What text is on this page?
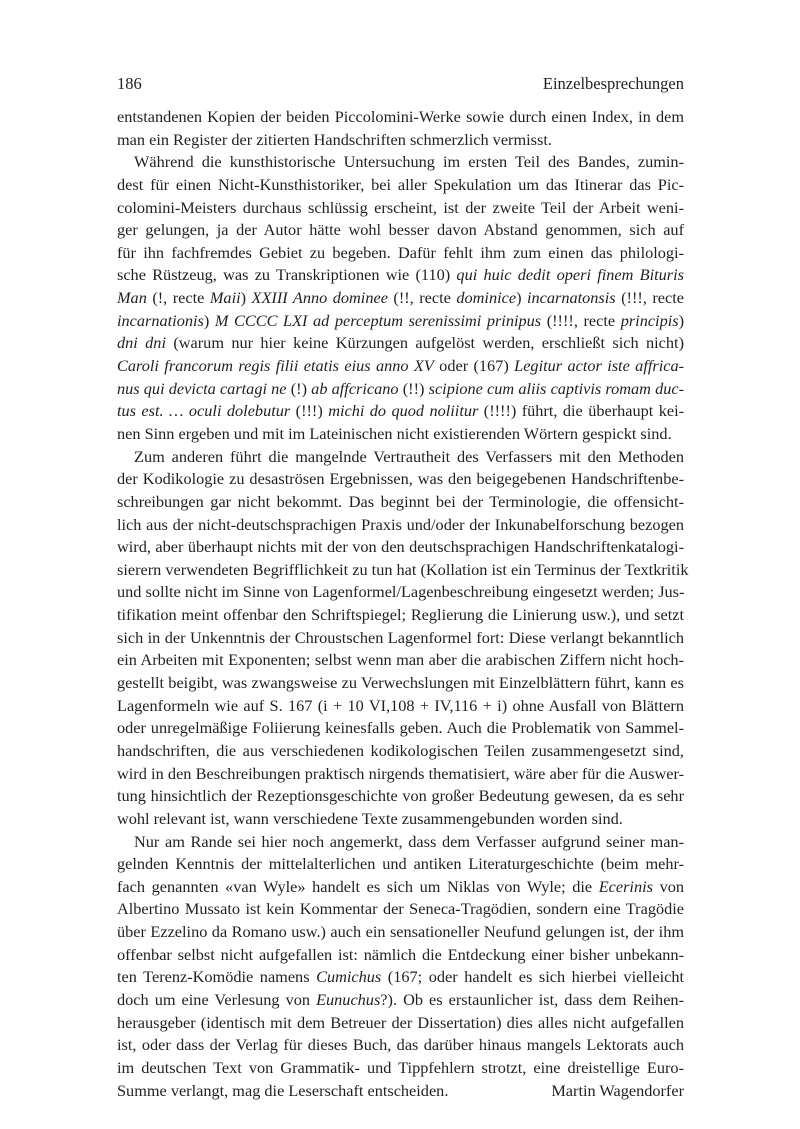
186	Einzelbesprechungen
entstandenen Kopien der beiden Piccolomini-Werke sowie durch einen Index, in dem
man ein Register der zitierten Handschriften schmerzlich vermisst.
Während die kunsthistorische Untersuchung im ersten Teil des Bandes, zumin-
dest für einen Nicht-Kunsthistoriker, bei aller Spekulation um das Itinerar das Pic-
colomini-Meisters durchaus schlüssig erscheint, ist der zweite Teil der Arbeit weni-
ger gelungen, ja der Autor hätte wohl besser davon Abstand genommen, sich auf
für ihn fachfremdes Gebiet zu begeben. Dafür fehlt ihm zum einen das philologi-
sche Rüstzeug, was zu Transkriptionen wie (110) qui huic dedit operi finem Bituris
Man (!, recte Maii) XXIII Anno dominee (!!, recte dominice) incarnatonsis (!!!, recte
incarnationis) M CCCC LXI ad perceptum serenissimi prinipus (!!!!, recte principis)
dni dni (warum nur hier keine Kürzungen aufgelöst werden, erschließt sich nicht)
Caroli francorum regis filii etatis eius anno XV oder (167) Legitur actor iste affrica-
nus qui devicta cartagi ne (!) ab affcricano (!!) scipione cum aliis captivis romam duc-
tus est. … oculi dolebutur (!!!) michi do quod noliitur (!!!!) führt, die überhaupt kei-
nen Sinn ergeben und mit im Lateinischen nicht existierenden Wörtern gespickt sind.
Zum anderen führt die mangelnde Vertrautheit des Verfassers mit den Methoden
der Kodikologie zu desaströsen Ergebnissen, was den beigegebenen Handschriftenbe-
schreibungen gar nicht bekommt. Das beginnt bei der Terminologie, die offensicht-
lich aus der nicht-deutschsprachigen Praxis und/oder der Inkunabelforschung bezogen
wird, aber überhaupt nichts mit der von den deutschsprachigen Handschriftenkatalogi-
sierern verwendeten Begrifflichkeit zu tun hat (Kollation ist ein Terminus der Textkritik
und sollte nicht im Sinne von Lagenformel/Lagenbeschreibung eingesetzt werden; Jus-
tifikation meint offenbar den Schriftspiegel; Reglierung die Linierung usw.), und setzt
sich in der Unkenntnis der Chroustschen Lagenformel fort: Diese verlangt bekanntlich
ein Arbeiten mit Exponenten; selbst wenn man aber die arabischen Ziffern nicht hoch-
gestellt beigibt, was zwangsweise zu Verwechslungen mit Einzelblättern führt, kann es
Lagenformeln wie auf S. 167 (i + 10 VI,108 + IV,116 + i) ohne Ausfall von Blättern
oder unregelmäßige Foliierung keinesfalls geben. Auch die Problematik von Sammel-
handschriften, die aus verschiedenen kodikologischen Teilen zusammengesetzt sind,
wird in den Beschreibungen praktisch nirgends thematisiert, wäre aber für die Auswer-
tung hinsichtlich der Rezeptionsgeschichte von großer Bedeutung gewesen, da es sehr
wohl relevant ist, wann verschiedene Texte zusammengebunden worden sind.
Nur am Rande sei hier noch angemerkt, dass dem Verfasser aufgrund seiner man-
gelnden Kenntnis der mittelalterlichen und antiken Literaturgeschichte (beim mehr-
fach genannten «van Wyle» handelt es sich um Niklas von Wyle; die Ecerinis von
Albertino Mussato ist kein Kommentar der Seneca-Tragödien, sondern eine Tragödie
über Ezzelino da Romano usw.) auch ein sensationeller Neufund gelungen ist, der ihm
offenbar selbst nicht aufgefallen ist: nämlich die Entdeckung einer bisher unbekann-
ten Terenz-Komödie namens Cumichus (167; oder handelt es sich hierbei vielleicht
doch um eine Verlesung von Eunuchus?). Ob es erstaunlicher ist, dass dem Reihen-
herausgeber (identisch mit dem Betreuer der Dissertation) dies alles nicht aufgefallen
ist, oder dass der Verlag für dieses Buch, das darüber hinaus mangels Lektorats auch
im deutschen Text von Grammatik- und Tippfehlern strotzt, eine dreistellige Euro-
Summe verlangt, mag die Leserschaft entscheiden.	Martin Wagendorfer
